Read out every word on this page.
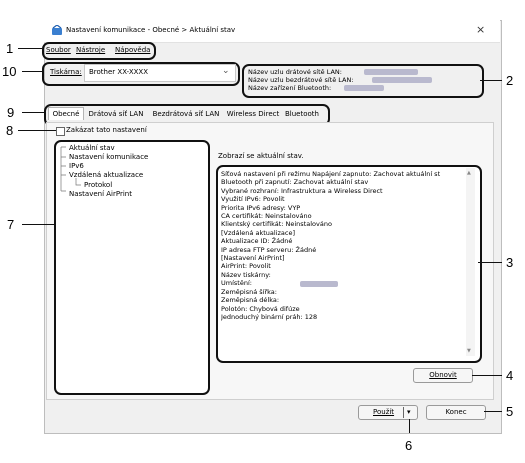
Nastavení komunikace - Obecné > Aktuální stav	×
Soubor Nástroje Nápověda
Tiskárna: Brother XX-XXXX	⌄	Název uzlu drátové sítě LAN:
Název uzlu bezdrátové sítě LAN:
Název zařízení Bluetooth:
Obecné	Drátová síť LAN	Bezdrátová síť LAN	Wireless Direct Bluetooth
Zakázat tato nastavení
Aktuální stav
Nastavení komunikace
IPv6
Vzdálená aktualizace
Protokol
Nastavení AirPrint
Zobrazí se aktuální stav.
▲
▼
Síťová nastavení při režimu Napájení zapnuto: Zachovat aktuální st
Bluetooth při zapnutí: Zachovat aktuální stav
Vybrané rozhraní: Infrastruktura a Wireless Direct
Využití IPv6: Povolit
Priorita IPv6 adresy: VYP
CA certifikát: Neinstalováno
Klientský certifikát: Neinstalováno
[Vzdálená aktualizace]
Aktualizace ID: Žádné
IP adresa FTP serveru: Žádné
[Nastavení AirPrint]
AirPrint: Povolit
Název tiskárny:
Umístění:
Zeměpisná šířka:
Zeměpisná délka:
Polotón: Chybová difúze
Jednoduchý binární práh: 128
Obnovit
Použít ▾	Konec
1
2
3
4
5
6
7
8
9
10
